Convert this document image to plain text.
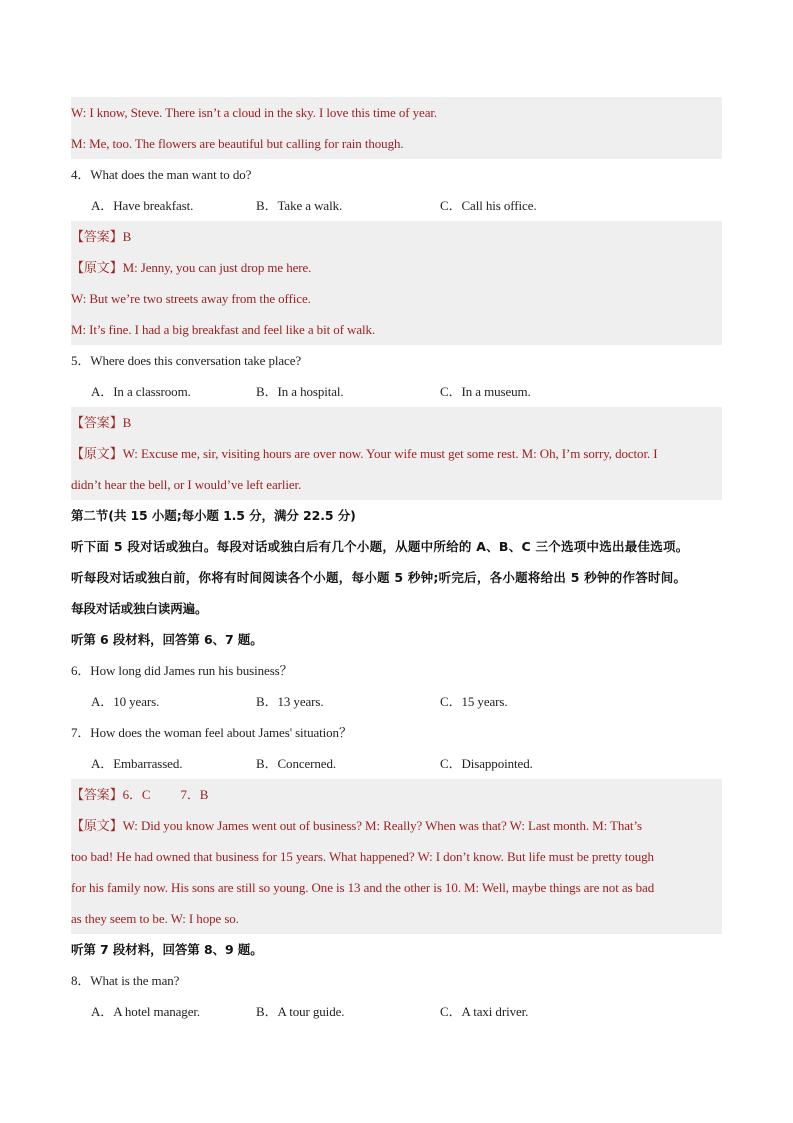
W: I know, Steve. There isn’t a cloud in the sky. I love this time of year.
M: Me, too. The flowers are beautiful but calling for rain though.
4．What does the man want to do?
A．Have breakfast.	B．Take a walk.	C．Call his office.
【答案】B
【原文】M: Jenny, you can just drop me here.
W: But we’re two streets away from the office.
M: It’s fine. I had a big breakfast and feel like a bit of walk.
5．Where does this conversation take place?
A．In a classroom.	B．In a hospital.	C．In a museum.
【答案】B
【原文】W: Excuse me, sir, visiting hours are over now. Your wife must get some rest. M: Oh, I’m sorry, doctor. I
didn’t hear the bell, or I would’ve left earlier.
第二节(共 15 小题;每小题 1.5 分，满分 22.5 分)
听下面 5 段对话或独白。每段对话或独白后有几个小题，从题中所给的 A、B、C 三个选项中选出最佳选项。
听每段对话或独白前，你将有时间阅读各个小题，每小题 5 秒钟;听完后，各小题将给出 5 秒钟的作答时间。
每段对话或独白读两遍。
听第 6 段材料，回答第 6、7 题。
6．How long did James run his business？
A．10 years.	B．13 years.	C．15 years.
7．How does the woman feel about James' situation？
A．Embarrassed.	B．Concerned.	C．Disappointed.
【答案】6．C 7．B
【原文】W: Did you know James went out of business? M: Really? When was that? W: Last month. M: That’s
too bad! He had owned that business for 15 years. What happened? W: I don’t know. But life must be pretty tough
for his family now. His sons are still so young. One is 13 and the other is 10. M: Well, maybe things are not as bad
as they seem to be. W: I hope so.
听第 7 段材料，回答第 8、9 题。
8．What is the man?
A．A hotel manager.	B．A tour guide.	C．A taxi driver.
